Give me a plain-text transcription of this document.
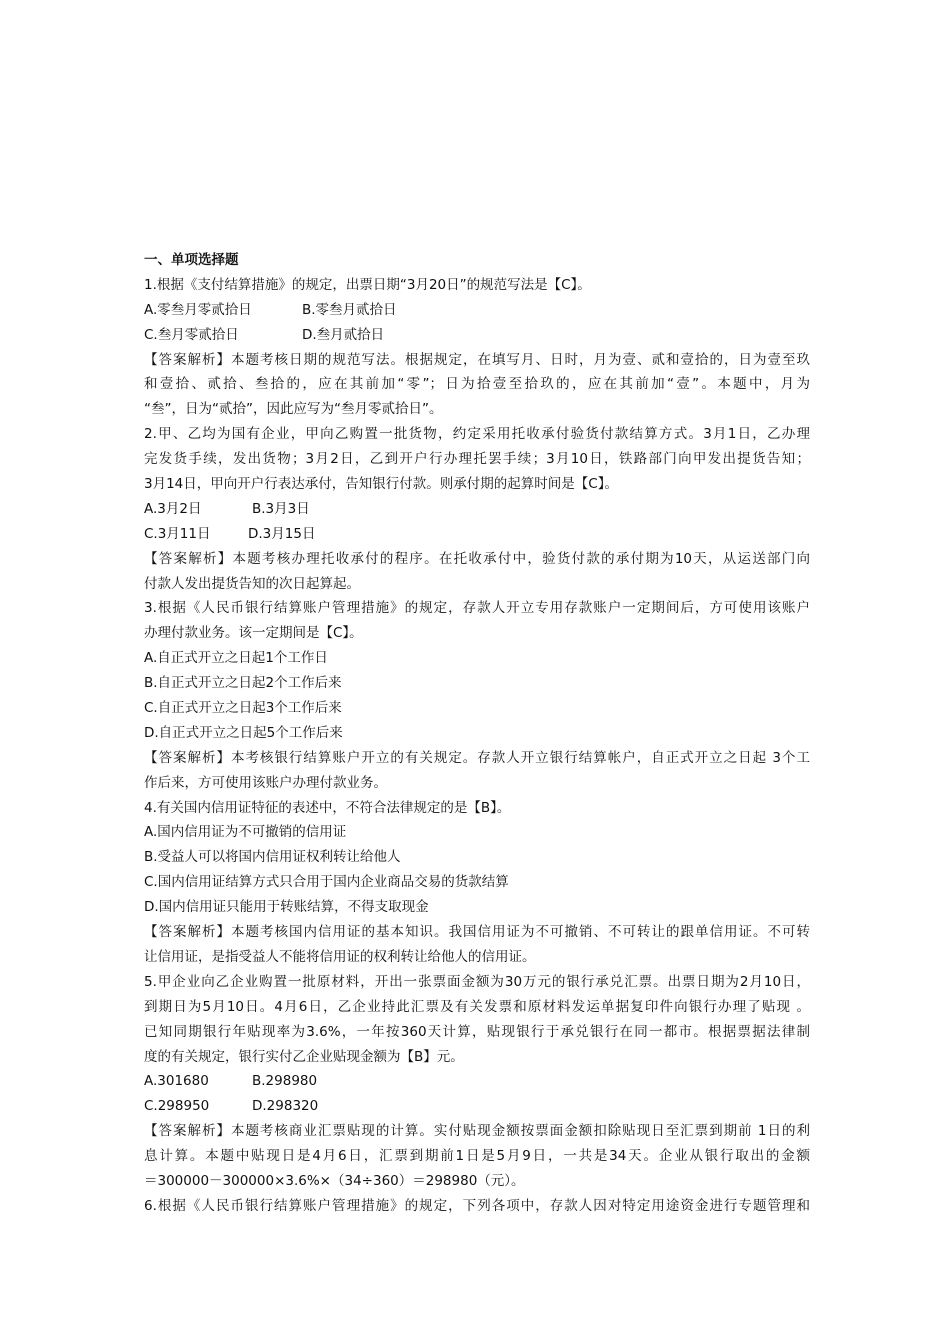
一、单项选择题
1.根据《支付结算措施》的规定，出票日期“3月20日”的规范写法是【C】。
A.零叁月零贰拾日	B.零叁月贰拾日
C.叁月零贰拾日	D.叁月贰拾日
【答案解析】本题考核日期的规范写法。根据规定，在填写月、日时，月为壹、贰和壹拾的，日为壹至玖
和壹拾、贰拾、叁拾的，应在其前加“零”；日为拾壹至拾玖的，应在其前加“壹”。本题中，月为
“叁”，日为“贰拾”，因此应写为“叁月零贰拾日”。
2.甲、乙均为国有企业，甲向乙购置一批货物，约定采用托收承付验货付款结算方式。3月1日，乙办理
完发货手续，发出货物；3月2日，乙到开户行办理托罢手续；3月10日，铁路部门向甲发出提货告知；
3月14日，甲向开户行表达承付，告知银行付款。则承付期的起算时间是【C】。
A.3月2日	B.3月3日
C.3月11日	D.3月15日
【答案解析】本题考核办理托收承付的程序。在托收承付中，验货付款的承付期为10天，从运送部门向
付款人发出提货告知的次日起算起。
3.根据《人民币银行结算账户管理措施》的规定，存款人开立专用存款账户一定期间后，方可使用该账户
办理付款业务。该一定期间是【C】。
A.自正式开立之日起1个工作日
B.自正式开立之日起2个工作后来
C.自正式开立之日起3个工作后来
D.自正式开立之日起5个工作后来
【答案解析】本考核银行结算账户开立的有关规定。存款人开立银行结算帐户，自正式开立之日起 3个工
作后来，方可使用该账户办理付款业务。
4.有关国内信用证特征的表述中，不符合法律规定的是【B】。
A.国内信用证为不可撤销的信用证
B.受益人可以将国内信用证权利转让给他人
C.国内信用证结算方式只合用于国内企业商品交易的货款结算
D.国内信用证只能用于转账结算，不得支取现金
【答案解析】本题考核国内信用证的基本知识。我国信用证为不可撤销、不可转让的跟单信用证。不可转
让信用证，是指受益人不能将信用证的权利转让给他人的信用证。
5.甲企业向乙企业购置一批原材料，开出一张票面金额为30万元的银行承兑汇票。出票日期为2月10日，
到期日为5月10日。4月6日，乙企业持此汇票及有关发票和原材料发运单据复印件向银行办理了贴现 。
已知同期银行年贴现率为3.6%，一年按360天计算，贴现银行于承兑银行在同一都市。根据票据法律制
度的有关规定，银行实付乙企业贴现金额为【B】元。
A.301680	B.298980
C.298950	D.298320
【答案解析】本题考核商业汇票贴现的计算。实付贴现金额按票面金额扣除贴现日至汇票到期前 1日的利
息计算。本题中贴现日是4月6日，汇票到期前1日是5月9日，一共是34天。企业从银行取出的金额
＝300000－300000×3.6%×（34÷360）＝298980（元）。
6.根据《人民币银行结算账户管理措施》的规定，下列各项中，存款人因对特定用途资金进行专题管理和
